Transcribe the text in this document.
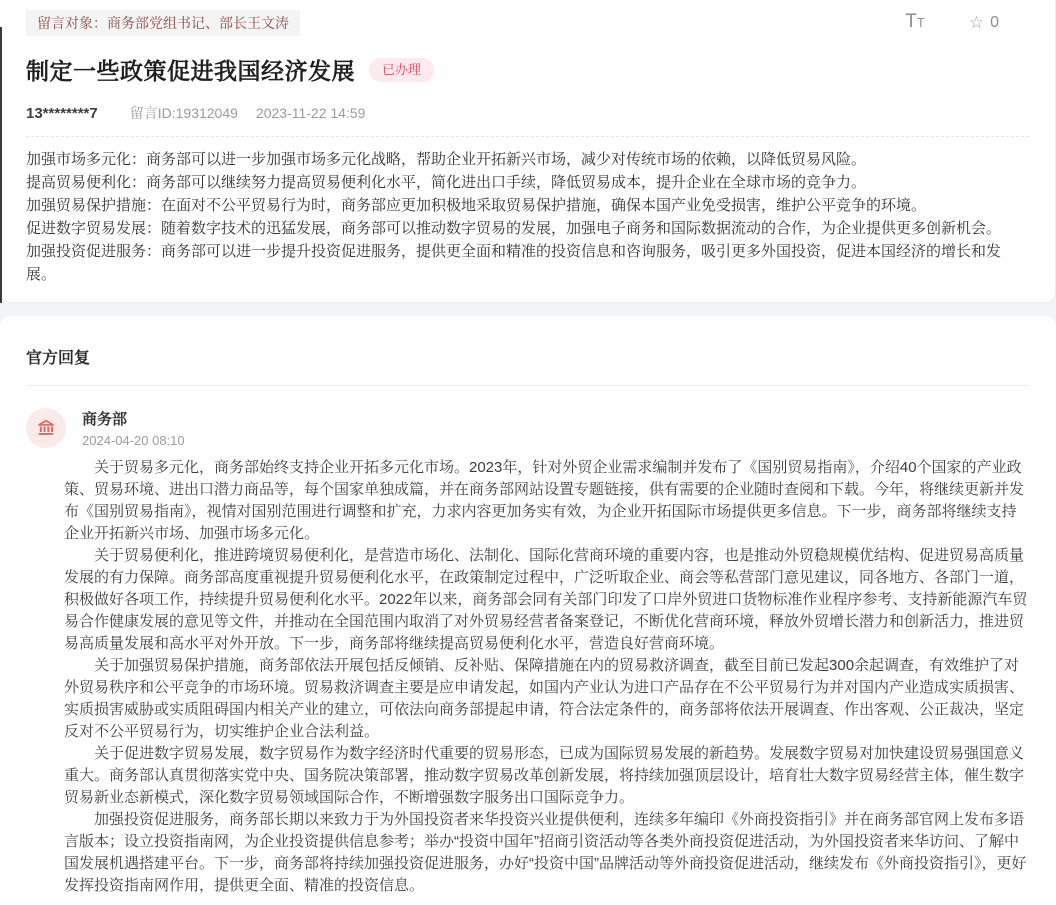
留言对象：商务部党组书记、部长王文涛	TT	☆ 0
制定一些政策促进我国经济发展	已办理
13********7 留言ID:19312049 2023-11-22 14:59

加强市场多元化：商务部可以进一步加强市场多元化战略，帮助企业开拓新兴市场，减少对传统市场的依赖，以降低贸易风险。

提高贸易便利化：商务部可以继续努力提高贸易便利化水平，简化进出口手续，降低贸易成本，提升企业在全球市场的竞争力。

加强贸易保护措施：在面对不公平贸易行为时，商务部应更加积极地采取贸易保护措施，确保本国产业免受损害，维护公平竞争的环境。

促进数字贸易发展：随着数字技术的迅猛发展，商务部可以推动数字贸易的发展，加强电子商务和国际数据流动的合作，为企业提供更多创新机会。

加强投资促进服务：商务部可以进一步提升投资促进服务，提供更全面和精准的投资信息和咨询服务，吸引更多外国投资，促进本国经济的增长和发展。

官方回复
商务部
2024-04-20 08:10

关于贸易多元化，商务部始终支持企业开拓多元化市场。2023年，针对外贸企业需求编制并发布了《国别贸易指南》，介绍40个国家的产业政策、贸易环境、进出口潜力商品等，每个国家单独成篇，并在商务部网站设置专题链接，供有需要的企业随时查阅和下载。今年，将继续更新并发布《国别贸易指南》，视情对国别范围进行调整和扩充，力求内容更加务实有效，为企业开拓国际市场提供更多信息。下一步，商务部将继续支持企业开拓新兴市场、加强市场多元化。

关于贸易便利化，推进跨境贸易便利化，是营造市场化、法制化、国际化营商环境的重要内容，也是推动外贸稳规模优结构、促进贸易高质量发展的有力保障。商务部高度重视提升贸易便利化水平，在政策制定过程中，广泛听取企业、商会等私营部门意见建议，同各地方、各部门一道，积极做好各项工作，持续提升贸易便利化水平。2022年以来，商务部会同有关部门印发了口岸外贸进口货物标准作业程序参考、支持新能源汽车贸易合作健康发展的意见等文件，并推动在全国范围内取消了对外贸易经营者备案登记，不断优化营商环境，释放外贸增长潜力和创新活力，推进贸易高质量发展和高水平对外开放。下一步，商务部将继续提高贸易便利化水平，营造良好营商环境。

关于加强贸易保护措施，商务部依法开展包括反倾销、反补贴、保障措施在内的贸易救济调查，截至目前已发起300余起调查，有效维护了对外贸易秩序和公平竞争的市场环境。贸易救济调查主要是应申请发起，如国内产业认为进口产品存在不公平贸易行为并对国内产业造成实质损害、实质损害威胁或实质阻碍国内相关产业的建立，可依法向商务部提起申请，符合法定条件的，商务部将依法开展调查、作出客观、公正裁决，坚定反对不公平贸易行为，切实维护企业合法利益。

关于促进数字贸易发展，数字贸易作为数字经济时代重要的贸易形态，已成为国际贸易发展的新趋势。发展数字贸易对加快建设贸易强国意义重大。商务部认真贯彻落实党中央、国务院决策部署，推动数字贸易改革创新发展，将持续加强顶层设计，培育壮大数字贸易经营主体，催生数字贸易新业态新模式，深化数字贸易领域国际合作，不断增强数字服务出口国际竞争力。

加强投资促进服务，商务部长期以来致力于为外国投资者来华投资兴业提供便利，连续多年编印《外商投资指引》并在商务部官网上发布多语言版本；设立投资指南网，为企业投资提供信息参考；举办“投资中国年”招商引资活动等各类外商投资促进活动，为外国投资者来华访问、了解中国发展机遇搭建平台。下一步，商务部将持续加强投资促进服务，办好“投资中国”品牌活动等外商投资促进活动，继续发布《外商投资指引》，更好发挥投资指南网作用，提供更全面、精准的投资信息。
